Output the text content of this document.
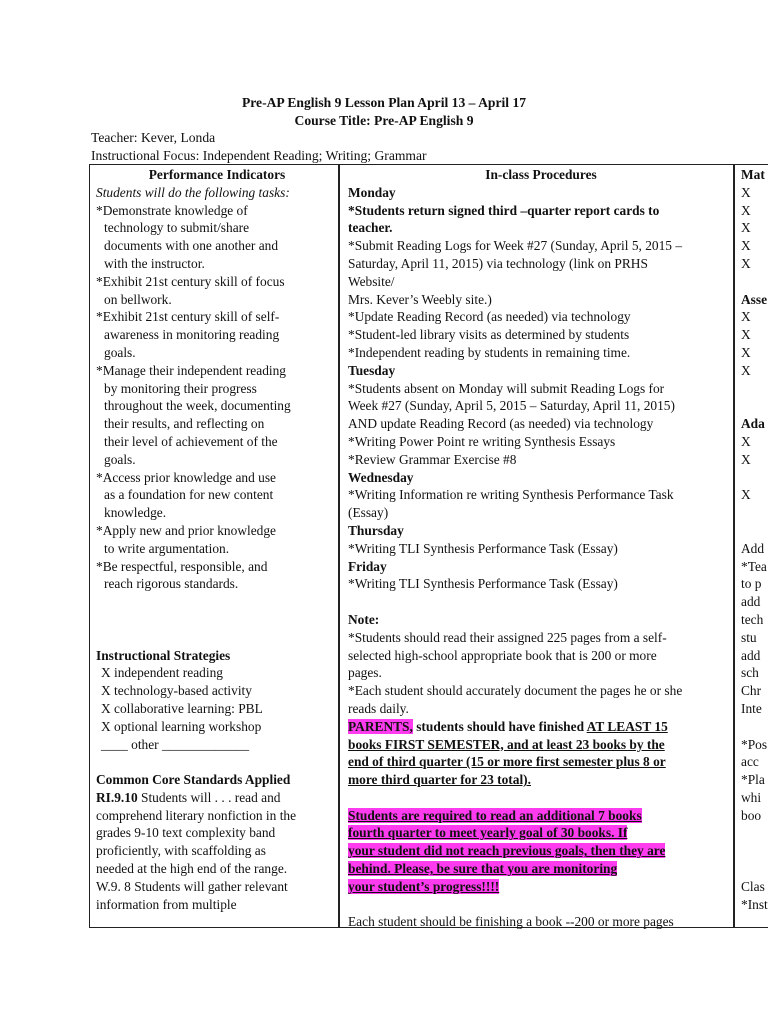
Pre-AP English 9 Lesson Plan April 13 – April 17
Course Title: Pre-AP English 9
Teacher: Kever, Londa
Instructional Focus: Independent Reading; Writing; Grammar
Performance Indicators
Students will do the following tasks:
*Demonstrate knowledge of
technology to submit/share
documents with one another and
with the instructor.
*Exhibit 21st century skill of focus
on bellwork.
*Exhibit 21st century skill of self-
awareness in monitoring reading
goals.
*Manage their independent reading
by monitoring their progress
throughout the week, documenting
their results, and reflecting on
their level of achievement of the
goals.
*Access prior knowledge and use
as a foundation for new content
knowledge.
*Apply new and prior knowledge
to write argumentation.
*Be respectful, responsible, and
reach rigorous standards.
Instructional Strategies
X independent reading
X technology-based activity
X collaborative learning: PBL
X optional learning workshop
____ other _____________
Common Core Standards Applied
RI.9.10 Students will . . . read and
comprehend literary nonfiction in the
grades 9-10 text complexity band
proficiently, with scaffolding as
needed at the high end of the range.
W.9. 8 Students will gather relevant
information from multiple
In-class Procedures
Monday
*Students return signed third –quarter report cards to
teacher.
*Submit Reading Logs for Week #27 (Sunday, April 5, 2015 –
Saturday, April 11, 2015) via technology (link on PRHS
Website/
Mrs. Kever’s Weebly site.)
*Update Reading Record (as needed) via technology
*Student-led library visits as determined by students
*Independent reading by students in remaining time.
Tuesday
*Students absent on Monday will submit Reading Logs for
Week #27 (Sunday, April 5, 2015 – Saturday, April 11, 2015)
AND update Reading Record (as needed) via technology
*Writing Power Point re writing Synthesis Essays
*Review Grammar Exercise #8
Wednesday
*Writing Information re writing Synthesis Performance Task
(Essay)
Thursday
*Writing TLI Synthesis Performance Task (Essay)
Friday
*Writing TLI Synthesis Performance Task (Essay)
Note:
*Students should read their assigned 225 pages from a self-
selected high-school appropriate book that is 200 or more
pages.
*Each student should accurately document the pages he or she
reads daily.
PARENTS, students should have finished AT LEAST 15
books FIRST SEMESTER, and at least 23 books by the
end of third quarter (15 or more first semester plus 8 or
more third quarter for 23 total).
Students are required to read an additional 7 books
fourth quarter to meet yearly goal of 30 books. If
your student did not reach previous goals, then they are
behind. Please, be sure that you are monitoring
your student’s progress!!!!
Each student should be finishing a book --200 or more pages
Mat
X
X
X
X
X
Asse
X
X
X
X
Ada
X
X
X
Add
*Tea
to p
add
tech
stu
add
sch
Chr
Inte
*Pos
acc
*Pla
whi
boo
Clas
*Inst
